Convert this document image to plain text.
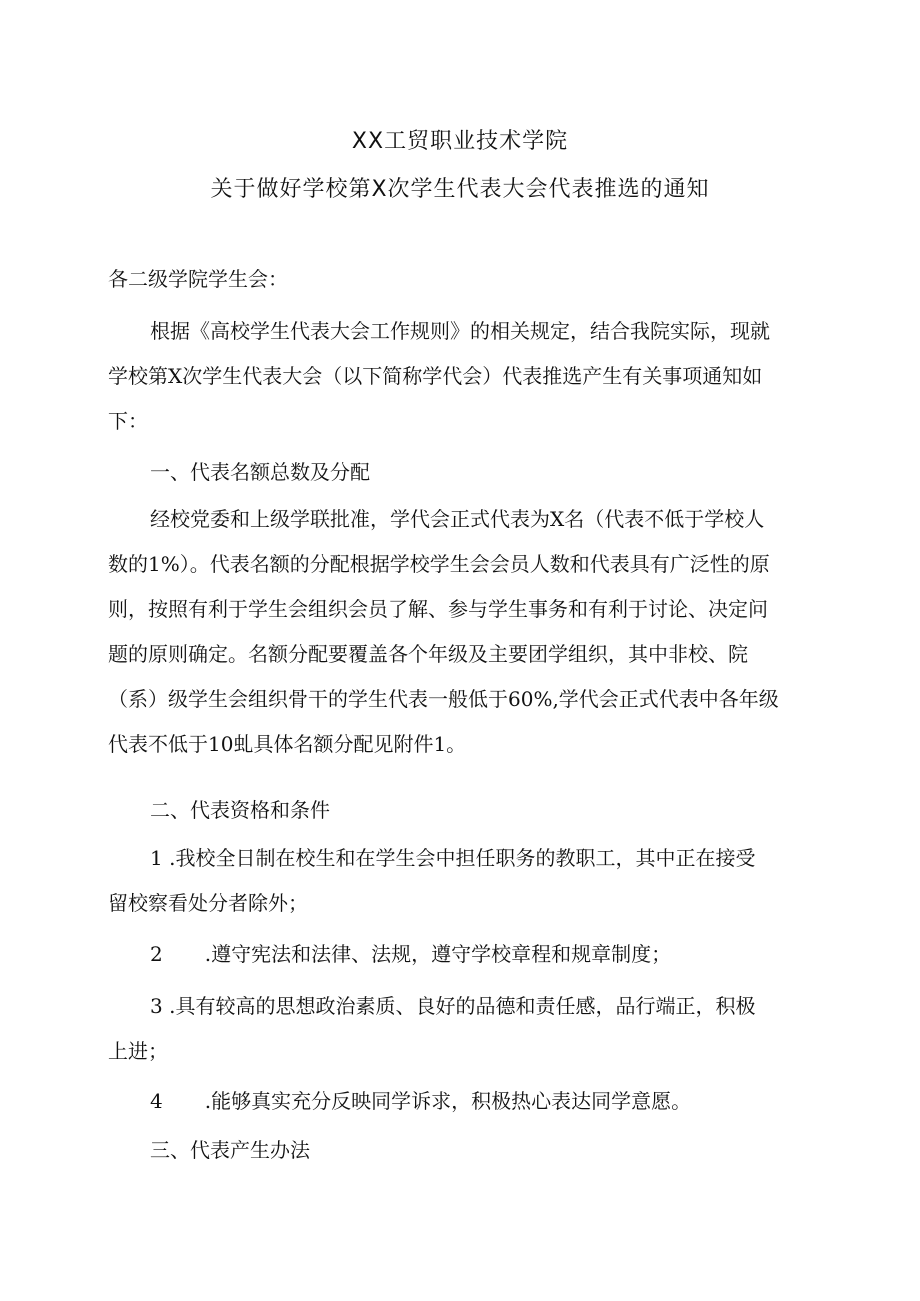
XX工贸职业技术学院
关于做好学校第X次学生代表大会代表推选的通知
各二级学院学生会：
根据《高校学生代表大会工作规则》的相关规定，结合我院实际，现就
学校第X次学生代表大会（以下简称学代会）代表推选产生有关事项通知如
下：
一、代表名额总数及分配
经校党委和上级学联批准，学代会正式代表为X名（代表不低于学校人
数的1%）。代表名额的分配根据学校学生会会员人数和代表具有广泛性的原
则，按照有利于学生会组织会员了解、参与学生事务和有利于讨论、决定问
题的原则确定。名额分配要覆盖各个年级及主要团学组织，其中非校、院
（系）级学生会组织骨干的学生代表一般低于60%,学代会正式代表中各年级
代表不低于10虬具体名额分配见附件1。
二、代表资格和条件
1 .我校全日制在校生和在学生会中担任职务的教职工，其中正在接受
留校察看处分者除外；
2 .遵守宪法和法律、法规，遵守学校章程和规章制度；
3 .具有较高的思想政治素质、良好的品德和责任感，品行端正，积极
上进；
4 .能够真实充分反映同学诉求，积极热心表达同学意愿。
三、代表产生办法
